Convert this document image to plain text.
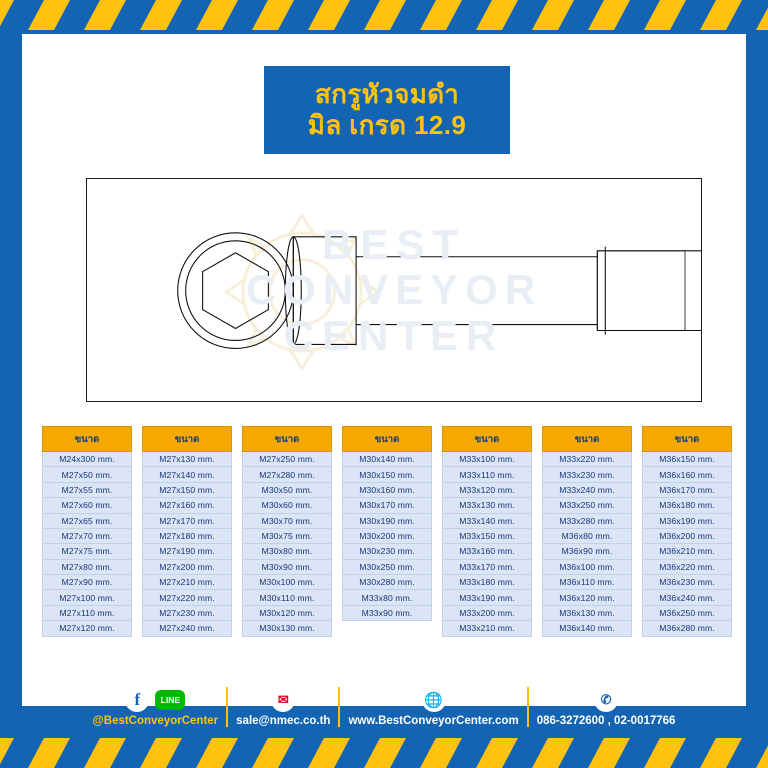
สกรูหัวจมดำ
มิล เกรด 12.9
BEST
CONVEYOR
CENTER
ขนาด
M24x300 mm.
M27x50 mm.
M27x55 mm.
M27x60 mm.
M27x65 mm.
M27x70 mm.
M27x75 mm.
M27x80 mm.
M27x90 mm.
M27x100 mm.
M27x110 mm.
M27x120 mm.
ขนาด
M27x130 mm.
M27x140 mm.
M27x150 mm.
M27x160 mm.
M27x170 mm.
M27x180 mm.
M27x190 mm.
M27x200 mm.
M27x210 mm.
M27x220 mm.
M27x230 mm.
M27x240 mm.
ขนาด
M27x250 mm.
M27x280 mm.
M30x50 mm.
M30x60 mm.
M30x70 mm.
M30x75 mm.
M30x80 mm.
M30x90 mm.
M30x100 mm.
M30x110 mm.
M30x120 mm.
M30x130 mm.
ขนาด
M30x140 mm.
M30x150 mm.
M30x160 mm.
M30x170 mm.
M30x190 mm.
M30x200 mm.
M30x230 mm.
M30x250 mm.
M30x280 mm.
M33x80 mm.
M33x90 mm.
ขนาด
M33x100 mm.
M33x110 mm.
M33x120 mm.
M33x130 mm.
M33x140 mm.
M33x150 mm.
M33x160 mm.
M33x170 mm.
M33x180 mm.
M33x190 mm.
M33x200 mm.
M33x210 mm.
ขนาด
M33x220 mm.
M33x230 mm.
M33x240 mm.
M33x250 mm.
M33x280 mm.
M36x80 mm.
M36x90 mm.
M36x100 mm.
M36x110 mm.
M36x120 mm.
M36x130 mm.
M36x140 mm.
ขนาด
M36x150 mm.
M36x160 mm.
M36x170 mm.
M36x180 mm.
M36x190 mm.
M36x200 mm.
M36x210 mm.
M36x220 mm.
M36x230 mm.
M36x240 mm.
M36x250 mm.
M36x280 mm.
f	LINE
@BestConveyorCenter
✉
sale@nmec.co.th
🌐
www.BestConveyorCenter.com
✆
086-3272600 , 02-0017766
